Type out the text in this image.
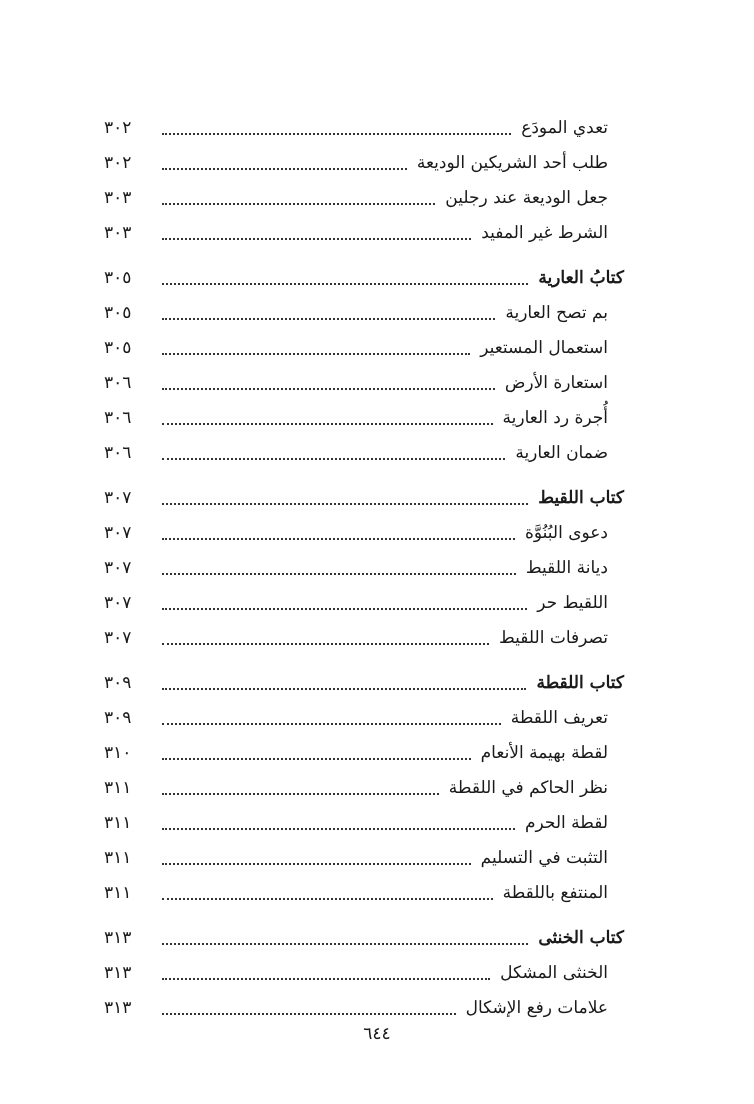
تعدي المودَع
٣٠٢
طلب أحد الشريكين الوديعة
٣٠٢
جعل الوديعة عند رجلين
٣٠٣
الشرط غير المفيد
٣٠٣
كتابُ العارية
٣٠٥
بم تصح العارية
٣٠٥
استعمال المستعير
٣٠٥
استعارة الأرض
٣٠٦
أُجرة رد العارية
٣٠٦
ضمان العارية
٣٠٦
كتاب اللقيط
٣٠٧
دعوى البُنُوَّة
٣٠٧
ديانة اللقيط
٣٠٧
اللقيط حر
٣٠٧
تصرفات اللقيط
٣٠٧
كتاب اللقطة
٣٠٩
تعريف اللقطة
٣٠٩
لقطة بهيمة الأنعام
٣١٠
نظر الحاكم في اللقطة
٣١١
لقطة الحرم
٣١١
التثبت في التسليم
٣١١
المنتفع باللقطة
٣١١
كتاب الخنثى
٣١٣
الخنثى المشكل
٣١٣
علامات رفع الإشكال
٣١٣
٦٤٤
